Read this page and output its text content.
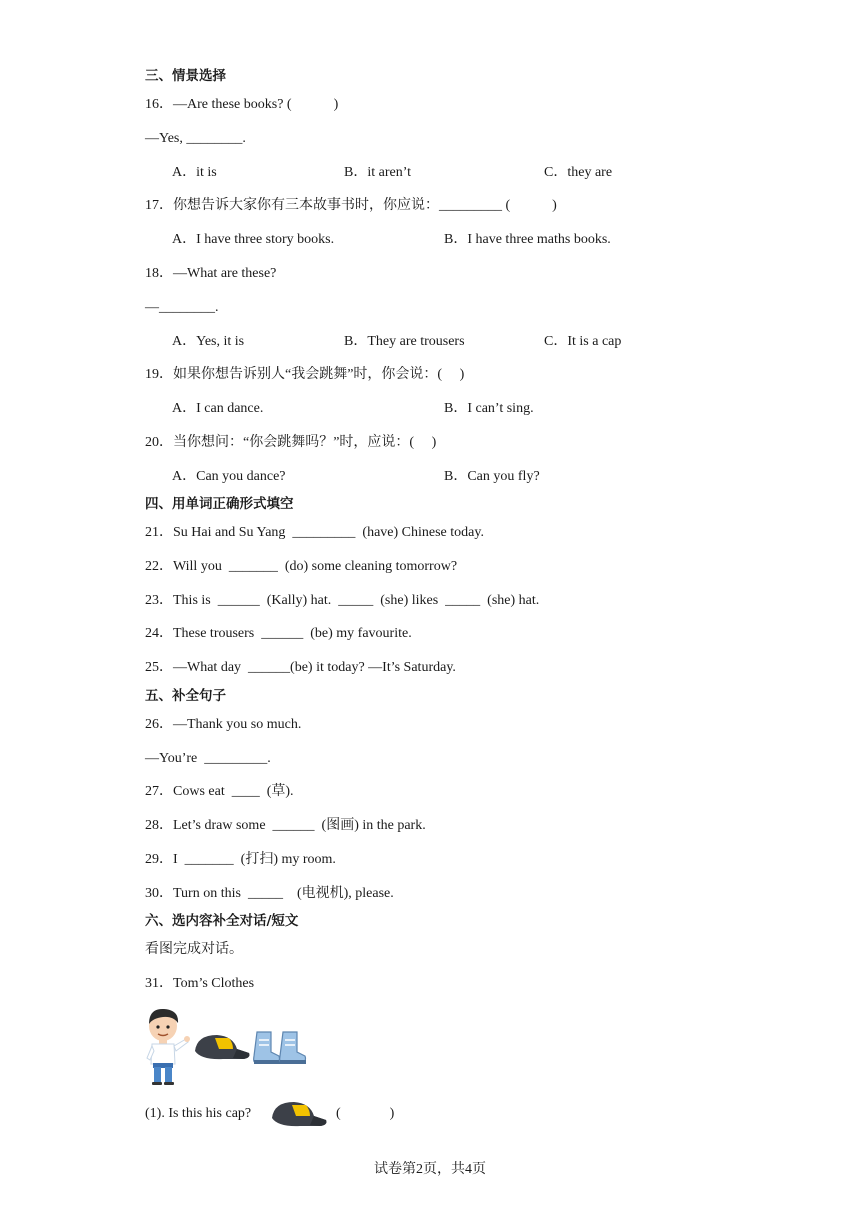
三、情景选择
16．—Are these books? (            )
—Yes, ________.
A．it is	B．it aren’t	C．they are
17．你想告诉大家你有三本故事书时，你应说：_________ (            )
A．I have three story books.	B．I have three maths books.
18．—What are these?
—________.
A．Yes, it is	B．They are trousers	C．It is a cap
19．如果你想告诉别人“我会跳舞”时，你会说：(     )
A．I can dance.	B．I can’t sing.
20．当你想问：“你会跳舞吗？”时，应说：(     )
A．Can you dance?	B．Can you fly?
四、用单词正确形式填空
21．Su Hai and Su Yang  _________  (have) Chinese today.
22．Will you  _______  (do) some cleaning tomorrow?
23．This is  ______  (Kally) hat.  _____  (she) likes  _____  (she) hat.
24．These trousers  ______  (be) my favourite.
25．—What day  ______(be) it today? —It’s Saturday.
五、补全句子
26．—Thank you so much.
—You’re  _________.
27．Cows eat  ____  (草).
28．Let’s draw some  ______  (图画) in the park.
29．I  _______  (打扫) my room.
30．Turn on this  _____    (电视机), please.
六、选内容补全对话/短文
看图完成对话。
31．Tom’s Clothes
(1). Is this his cap?	(              )
试卷第2页，共4页
